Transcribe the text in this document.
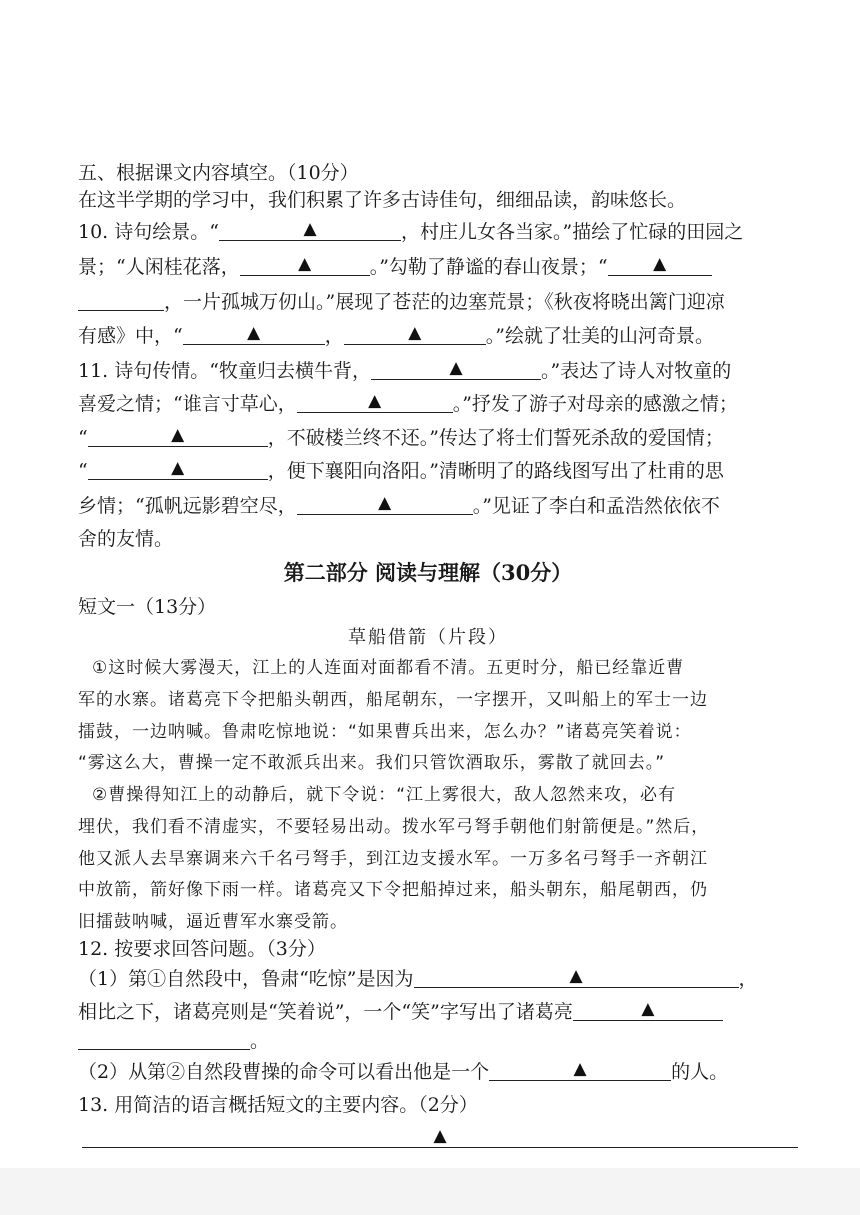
五、根据课文内容填空。（10分）
在这半学期的学习中，我们积累了许多古诗佳句，细细品读，韵味悠长。
10. 诗句绘景。“	▲	，村庄儿女各当家。”描绘了忙碌的田园之
景；“人闲桂花落，	▲	。”勾勒了静谧的春山夜景；“	▲
，一片孤城万仞山。”展现了苍茫的边塞荒景；《秋夜将晓出篱门迎凉
有感》中，“	▲	，	▲	。”绘就了壮美的山河奇景。
11. 诗句传情。“牧童归去横牛背，	▲	。”表达了诗人对牧童的
喜爱之情；“谁言寸草心，	▲	。”抒发了游子对母亲的感激之情；
“	▲	，不破楼兰终不还。”传达了将士们誓死杀敌的爱国情；
“	▲	，便下襄阳向洛阳。”清晰明了的路线图写出了杜甫的思
乡情；“孤帆远影碧空尽，	▲	。”见证了李白和孟浩然依依不
舍的友情。
第二部分 阅读与理解（30分）
短文一（13分）
草船借箭（片段）
①这时候大雾漫天，江上的人连面对面都看不清。五更时分，船已经靠近曹
军的水寨。诸葛亮下令把船头朝西，船尾朝东，一字摆开，又叫船上的军士一边
擂鼓，一边呐喊。鲁肃吃惊地说：“如果曹兵出来，怎么办？”诸葛亮笑着说：
“雾这么大，曹操一定不敢派兵出来。我们只管饮酒取乐，雾散了就回去。”
②曹操得知江上的动静后，就下令说：“江上雾很大，敌人忽然来攻，必有
埋伏，我们看不清虚实，不要轻易出动。拨水军弓弩手朝他们射箭便是。”然后，
他又派人去旱寨调来六千名弓弩手，到江边支援水军。一万多名弓弩手一齐朝江
中放箭，箭好像下雨一样。诸葛亮又下令把船掉过来，船头朝东，船尾朝西，仍
旧擂鼓呐喊，逼近曹军水寨受箭。
12. 按要求回答问题。（3分）
（1）第①自然段中，鲁肃“吃惊”是因为	▲	，
相比之下，诸葛亮则是“笑着说”，一个“笑”字写出了诸葛亮	▲
。
（2）从第②自然段曹操的命令可以看出他是一个	▲	的人。
13. 用简洁的语言概括短文的主要内容。（2分）
▲
